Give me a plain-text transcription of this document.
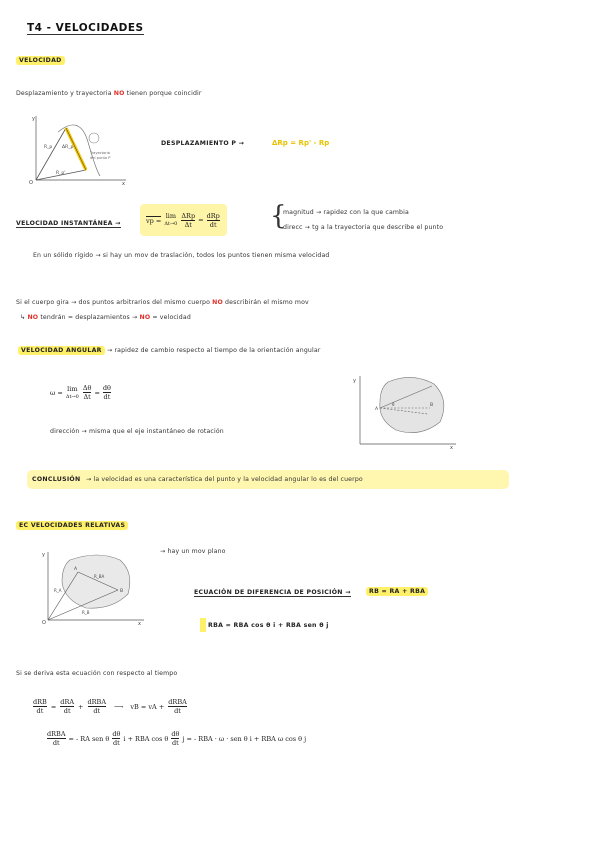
T4 - VELOCIDADES
VELOCIDAD
Desplazamiento y trayectoria NO tienen porque coincidir
y
x
O
R_p
R_p'
ΔR_p
Trayectoria
del punto P
DESPLAZAMIENTO P →	ΔRp = Rp' - Rp
VELOCIDAD INSTANTÁNEA →	vp =
lim
$\Delta t\to 0 \frac{\text{ΔRp}}{\Delta t} = \frac{\text{dRp}}{dt}$ {
magnitud → rapidez con la que cambia
direcc → tg a la trayectoria que describe el punto
En un sólido rígido → si hay un mov de traslación, todos los puntos tienen misma velocidad
Si el cuerpo gira → dos puntos arbitrarios del mismo cuerpo NO describirán el mismo mov
↳ NO tendrán = desplazamientos → NO = velocidad
VELOCIDAD ANGULAR → rapidez de cambio respecto al tiempo de la orientación angular
ω = lim
$\Delta t\to 0 \frac{\Delta\theta}{\Delta t} = \frac{d\theta}{dt}$
dirección → misma que el eje instantáneo de rotación
y
x
A
B
θ
CONCLUSIÓN → la velocidad es una característica del punto y la velocidad angular lo es del cuerpo
EC VELOCIDADES RELATIVAS
y
x
O
A
B
R_A
R_B
R_BA
→ hay un mov plano
ECUACIÓN DE DIFERENCIA DE POSICIÓN →	RB = RA + RBA
RBA = RBA cos θ i + RBA sen θ j
Si se deriva esta ecuación con respecto al tiempo
$\frac{\text{dRB}}{dt} = \frac{\text{dRA}}{dt} + \frac{\text{dRBA}}{dt}$ ⟶ vB = vA + $\frac{\text{dRBA}}{dt}$
$\frac{\text{dRBA}}{dt}$ = - RA sen θ $\frac{d\theta}{dt}$ i + RBA cos θ $\frac{d\theta}{dt}$ j = - RBA · ω · sen θ i + RBA ω cos θ j
